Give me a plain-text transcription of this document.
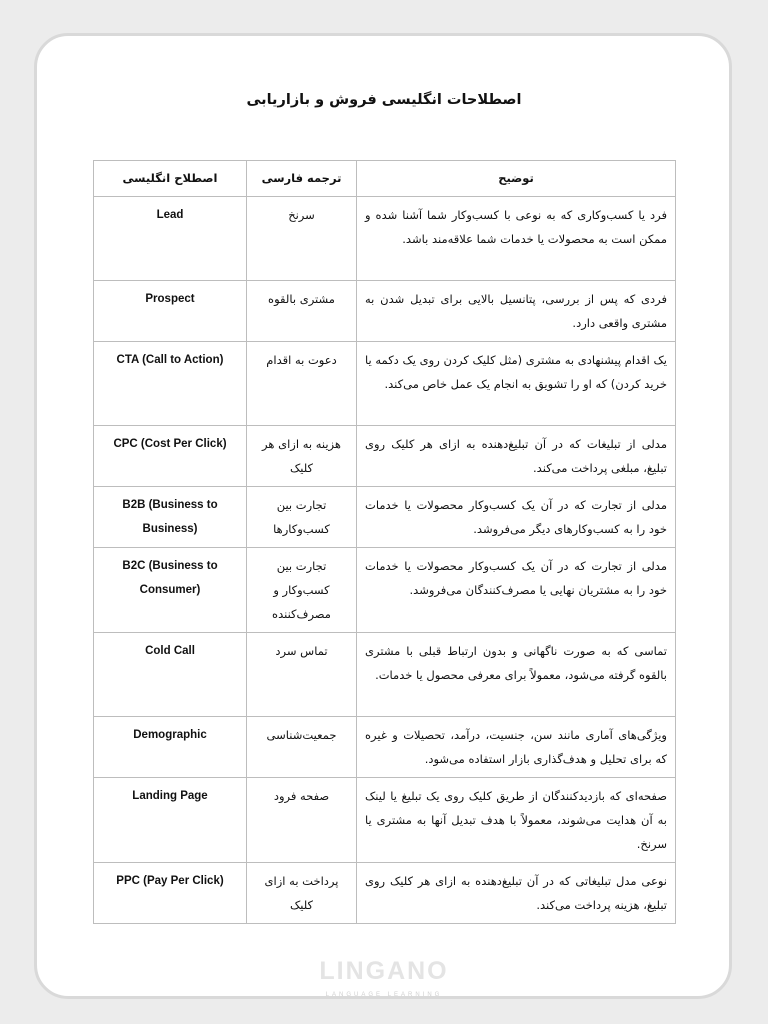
اصطلاحات انگلیسی فروش و بازاریابی
توضیح	ترجمه فارسی	اصطلاح انگلیسی
فرد یا کسب‌وکاری که به نوعی با کسب‌وکار شما آشنا شده و ممکن است به محصولات یا خدمات شما علاقه‌مند باشد.	سرنخ	Lead
فردی که پس از بررسی، پتانسیل بالایی برای تبدیل شدن به مشتری واقعی دارد.	مشتری بالقوه	Prospect
یک اقدام پیشنهادی به مشتری (مثل کلیک کردن روی یک دکمه یا خرید کردن) که او را تشویق به انجام یک عمل خاص می‌کند.	دعوت به اقدام	CTA (Call to Action)
مدلی از تبلیغات که در آن تبلیغ‌دهنده به ازای هر کلیک روی تبلیغ، مبلغی پرداخت می‌کند.	هزینه به ازای هر کلیک	CPC (Cost Per Click)
مدلی از تجارت که در آن یک کسب‌وکار محصولات یا خدمات خود را به کسب‌وکارهای دیگر می‌فروشد.	تجارت بین کسب‌وکارها	B2B (Business to Business)
مدلی از تجارت که در آن یک کسب‌وکار محصولات یا خدمات خود را به مشتریان نهایی یا مصرف‌کنندگان می‌فروشد.	تجارت بین کسب‌وکار و مصرف‌کننده	B2C (Business to Consumer)
تماسی که به صورت ناگهانی و بدون ارتباط قبلی با مشتری بالقوه گرفته می‌شود، معمولاً برای معرفی محصول یا خدمات.	تماس سرد	Cold Call
ویژگی‌های آماری مانند سن، جنسیت، درآمد، تحصیلات و غیره که برای تحلیل و هدف‌گذاری بازار استفاده می‌شود.	جمعیت‌شناسی	Demographic
صفحه‌ای که بازدیدکنندگان از طریق کلیک روی یک تبلیغ یا لینک به آن هدایت می‌شوند، معمولاً با هدف تبدیل آنها به مشتری یا سرنخ.	صفحه فرود	Landing Page
نوعی مدل تبلیغاتی که در آن تبلیغ‌دهنده به ازای هر کلیک روی تبلیغ، هزینه پرداخت می‌کند.	پرداخت به ازای کلیک	PPC (Pay Per Click)
LINGANO
LANGUAGE LEARNING
